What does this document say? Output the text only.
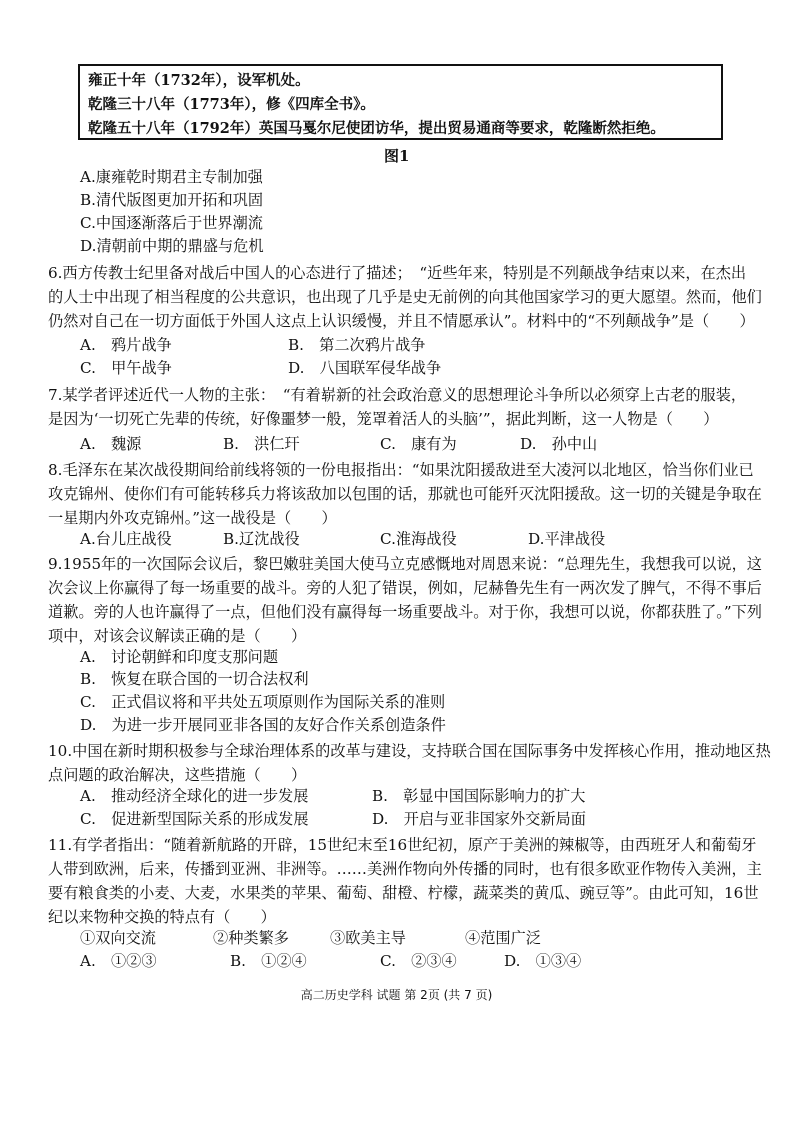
雍正十年（1732年），设军机处。
乾隆三十八年（1773年），修《四库全书》。
乾隆五十八年（1792年）英国马戛尔尼使团访华，提出贸易通商等要求，乾隆断然拒绝。
图1
A.康雍乾时期君主专制加强
B.清代版图更加开拓和巩固
C.中国逐渐落后于世界潮流
D.清朝前中期的鼎盛与危机
6.西方传教士纪里备对战后中国人的心态进行了描述；　“近些年来，特别是不列颠战争结束以来，在杰出
的人士中出现了相当程度的公共意识，也出现了几乎是史无前例的向其他国家学习的更大愿望。然而，他们
仍然对自己在一切方面低于外国人这点上认识缓慢，并且不情愿承认”。材料中的“不列颠战争”是（　　）
A.　鸦片战争	B.　第二次鸦片战争
C.　甲午战争	D.　八国联军侵华战争
7.某学者评述近代一人物的主张：　“有着崭新的社会政治意义的思想理论斗争所以必须穿上古老的服装，
是因为‘一切死亡先辈的传统，好像噩梦一般，笼罩着活人的头脑’”，据此判断，这一人物是（　　）
A.　魏源	B.　洪仁玕	C.　康有为	D.　孙中山
8.毛泽东在某次战役期间给前线将领的一份电报指出：“如果沈阳援敌进至大凌河以北地区，恰当你们业已
攻克锦州、使你们有可能转移兵力将该敌加以包围的话，那就也可能歼灭沈阳援敌。这一切的关键是争取在
一星期内外攻克锦州。”这一战役是（　　）
A.台儿庄战役	B.辽沈战役	C.淮海战役	D.平津战役
9.1955年的一次国际会议后，黎巴嫩驻美国大使马立克感慨地对周恩来说：“总理先生，我想我可以说，这
次会议上你赢得了每一场重要的战斗。旁的人犯了错误，例如，尼赫鲁先生有一两次发了脾气，不得不事后
道歉。旁的人也许赢得了一点，但他们没有赢得每一场重要战斗。对于你，我想可以说，你都获胜了。”下列
项中，对该会议解读正确的是（　　）
A.　讨论朝鲜和印度支那问题
B.　恢复在联合国的一切合法权利
C.　正式倡议将和平共处五项原则作为国际关系的准则
D.　为进一步开展同亚非各国的友好合作关系创造条件
10.中国在新时期积极参与全球治理体系的改革与建设，支持联合国在国际事务中发挥核心作用，推动地区热
点问题的政治解决，这些措施（　　）
A.　推动经济全球化的进一步发展	B.　彰显中国国际影响力的扩大
C.　促进新型国际关系的形成发展	D.　开启与亚非国家外交新局面
11.有学者指出：“随着新航路的开辟，15世纪末至16世纪初，原产于美洲的辣椒等，由西班牙人和葡萄牙
人带到欧洲，后来，传播到亚洲、非洲等。……美洲作物向外传播的同时，也有很多欧亚作物传入美洲，主
要有粮食类的小麦、大麦，水果类的苹果、葡萄、甜橙、柠檬，蔬菜类的黄瓜、豌豆等”。由此可知，16世
纪以来物种交换的特点有（　　）
①双向交流	②种类繁多	③欧美主导	④范围广泛
A.　①②③	B.　①②④	C.　②③④	D.　①③④
高二历史学科 试题 第 2页 (共 7 页)
